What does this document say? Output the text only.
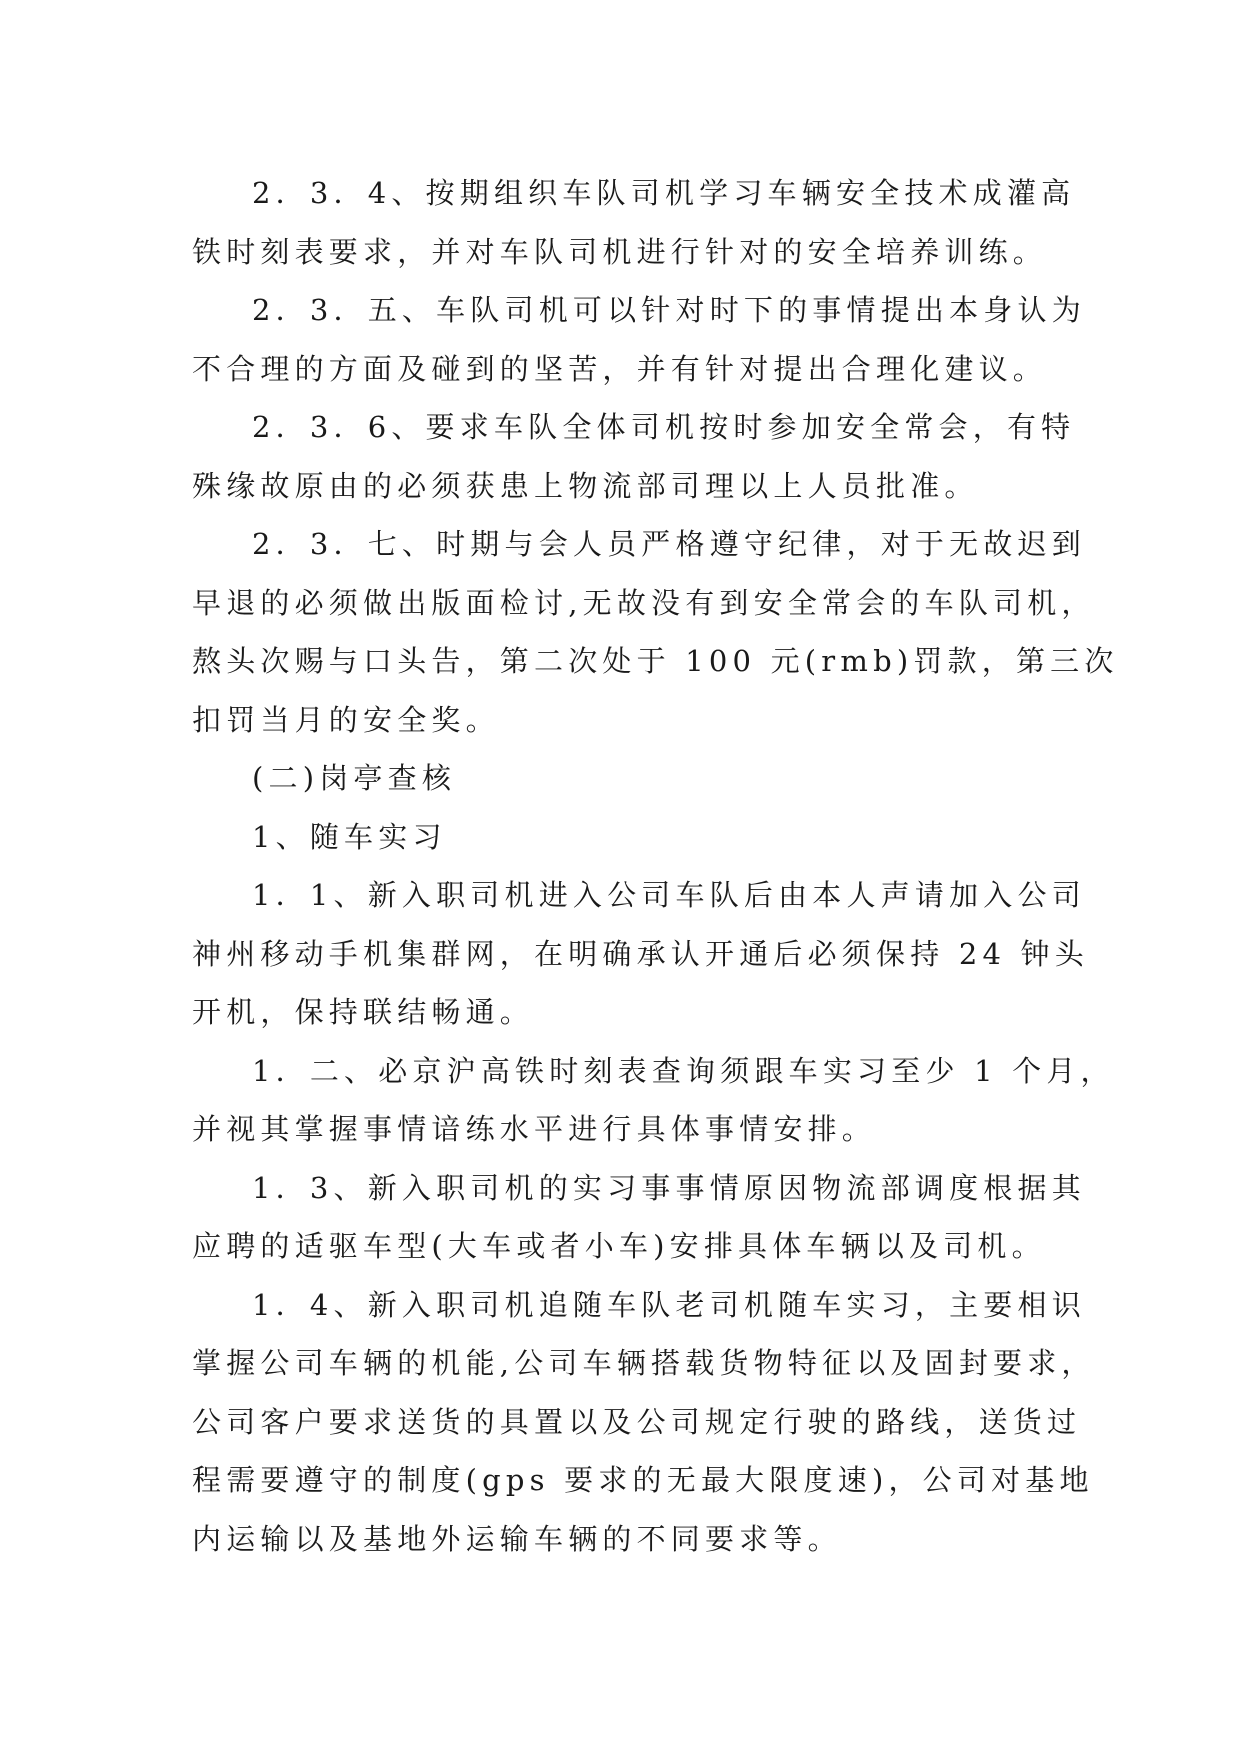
2．3．4、按期组织车队司机学习车辆安全技术成灌高
铁时刻表要求，并对车队司机进行针对的安全培养训练。
2．3．五、车队司机可以针对时下的事情提出本身认为
不合理的方面及碰到的坚苦，并有针对提出合理化建议。
2．3．6、要求车队全体司机按时参加安全常会，有特
殊缘故原由的必须获患上物流部司理以上人员批准。
2．3．七、时期与会人员严格遵守纪律，对于无故迟到
早退的必须做出版面检讨,无故没有到安全常会的车队司机，
熬头次赐与口头告，第二次处于 100 元(rmb)罚款，第三次
扣罚当月的安全奖。
(二)岗亭查核
1、随车实习
1．1、新入职司机进入公司车队后由本人声请加入公司
神州移动手机集群网，在明确承认开通后必须保持 24 钟头
开机，保持联结畅通。
1．二、必京沪高铁时刻表查询须跟车实习至少 1 个月，
并视其掌握事情谙练水平进行具体事情安排。
1．3、新入职司机的实习事事情原因物流部调度根据其
应聘的适驱车型(大车或者小车)安排具体车辆以及司机。
1．4、新入职司机追随车队老司机随车实习，主要相识
掌握公司车辆的机能,公司车辆搭载货物特征以及固封要求，
公司客户要求送货的具置以及公司规定行驶的路线，送货过
程需要遵守的制度(gps 要求的无最大限度速)，公司对基地
内运输以及基地外运输车辆的不同要求等。
